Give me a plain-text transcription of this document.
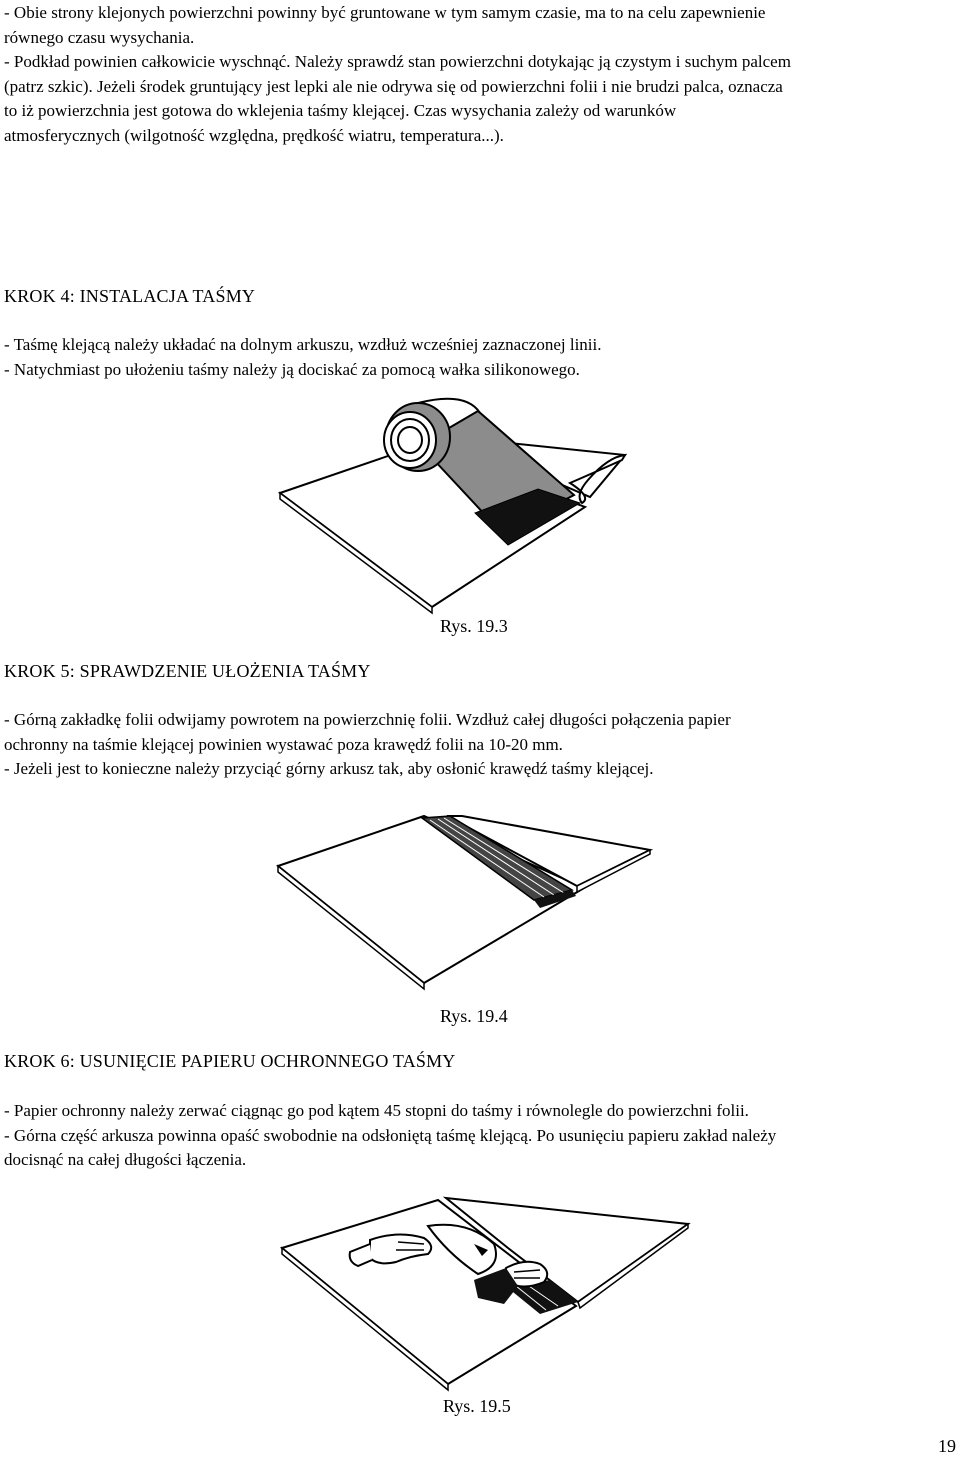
- Obie strony klejonych powierzchni powinny być gruntowane w tym samym czasie, ma to na celu zapewnienie
równego czasu wysychania.
- Podkład powinien całkowicie wyschnąć. Należy sprawdź stan powierzchni dotykając ją czystym i suchym palcem
(patrz szkic). Jeżeli środek gruntujący jest lepki ale nie odrywa się od powierzchni folii i nie brudzi palca, oznacza
to iż powierzchnia jest gotowa do wklejenia taśmy klejącej. Czas wysychania zależy od warunków
atmosferycznych (wilgotność względna, prędkość wiatru, temperatura...).
KROK 4: INSTALACJA TAŚMY
- Taśmę klejącą należy układać na dolnym arkuszu, wzdłuż wcześniej zaznaczonej linii.
- Natychmiast po ułożeniu taśmy należy ją dociskać za pomocą wałka silikonowego.
Rys. 19.3
KROK 5: SPRAWDZENIE UŁOŻENIA TAŚMY
- Górną zakładkę folii odwijamy powrotem na powierzchnię folii. Wzdłuż całej długości połączenia papier
ochronny na taśmie klejącej powinien wystawać poza krawędź folii na 10-20 mm.
- Jeżeli jest to konieczne należy przyciąć górny arkusz tak, aby osłonić krawędź taśmy klejącej.
Rys. 19.4
KROK 6: USUNIĘCIE PAPIERU OCHRONNEGO TAŚMY
- Papier ochronny należy zerwać ciągnąc go pod kątem 45 stopni do taśmy i równolegle do powierzchni folii.
- Górna część arkusza powinna opaść swobodnie na odsłoniętą taśmę klejącą. Po usunięciu papieru zakład należy
docisnąć na całej długości łączenia.
Rys. 19.5
19
